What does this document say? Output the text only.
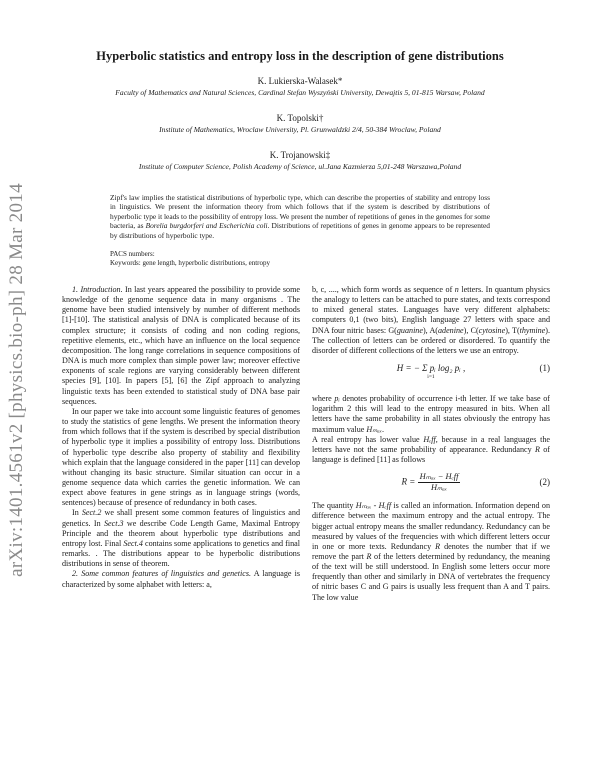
arXiv:1401.4561v2 [physics.bio-ph] 28 Mar 2014
Hyperbolic statistics and entropy loss in the description of gene distributions
K. Lukierska-Walasek*
Faculty of Mathematics and Natural Sciences, Cardinal Stefan Wyszyński University, Dewajtis 5, 01-815 Warsaw, Poland
K. Topolski†
Institute of Mathematics, Wroclaw University, Pl. Grunwaldzki 2/4, 50-384 Wroclaw, Poland
K. Trojanowski‡
Institute of Computer Science, Polish Academy of Science, ul.Jana Kazmierza 5,01-248 Warszawa,Poland
Zipf's law implies the statistical distributions of hyperbolic type, which can describe the properties of stability and entropy loss in linguistics. We present the information theory from which follows that if the system is described by distributions of hyperbolic type it leads to the possibility of entropy loss. We present the number of repetitions of genes in the genomes for some bacteria, as Borelia burgdorferi and Escherichia coli. Distributions of repetitions of genes in genome appears to be represented by distributions of hyperbolic type.
PACS numbers:
Keywords: gene length, hyperbolic distributions, entropy

1. Introduction. In last years appeared the possibility to provide some knowledge of the genome sequence data in many organisms . The genome have been studied intensively by number of different methods [1]-[10]. The statistical analysis of DNA is complicated because of its complex structure; it consists of coding and non coding regions, repetitive elements, etc., which have an influence on the local sequence decomposition. The long range correlations in sequence compositions of DNA is much more complex than simple power law; moreover effective exponents of scale regions are varying considerably between different species [9], [10]. In papers [5], [6] the Zipf approach to analyzing linguistic texts has been extended to statistical study of DNA base pair sequences.

In our paper we take into account some linguistic features of genomes to study the statistics of gene lengths. We present the information theory from which follows that if the system is described by special distribution of hyperbolic type it implies a possibility of entropy loss. Distributions of hyperbolic type describe also property of stability and flexibility which explain that the language considered in the paper [11] can develop without changing its basic structure. Similar situation can occur in a genome sequence data which carries the genetic information. We can expect above features in gene strings as in language strings (words, sentences) because of presence of redundancy in both cases.

In Sect.2 we shall present some common features of linguistics and genetics. In Sect.3 we describe Code Length Game, Maximal Entropy Principle and the theorem about hyperbolic type distributions and entropy lost. Final Sect.4 contains some applications to genetics and final remarks. . The distributions appear to be hyperbolic distributions distributions in sense of theorem.

2. Some common features of linguistics and genetics. A language is characterized by some alphabet with letters: a,

b, c, ...., which form words as sequence of n letters. In quantum physics the analogy to letters can be attached to pure states, and texts correspond to mixed general states. Languages have very different alphabets: computers 0,1 (two bits), English language 27 letters with space and DNA four nitric bases: G(guanine), A(adenine), C(cytosine), T(thymine). The collection of letters can be ordered or disordered. To quantify the disorder of different collections of the letters we use an entropy.

H = − Σ pᵢ log₂ pᵢ ,
i=1
(1)

where pᵢ denotes probability of occurrence i-th letter. If we take base of logarithm 2 this will lead to the entropy measured in bits. When all letters have the same probability in all states obviously the entropy has maximum value Hₘₐₓ.

A real entropy has lower value Hₑff, because in a real languages the letters have not the same probability of appearance. Redundancy R of language is defined [11] as follows

$R = \frac{\text{Hₘₐₓ − Hₑff}}{\text{Hₘₐₓ}}$	(2)

The quantity Hₘₐₓ - Hₑff is called an information. Information depend on difference between the maximum entropy and the actual entropy. The bigger actual entropy means the smaller redundancy. Redundancy can be measured by values of the frequencies with which different letters occur in one or more texts. Redundancy R denotes the number that if we remove the part R of the letters determined by redundancy, the meaning of the text will be still understood. In English some letters occur more frequently than other and similarly in DNA of vertebrates the frequency of nitric bases C and G pairs is usually less frequent than A and T pairs. The low value
